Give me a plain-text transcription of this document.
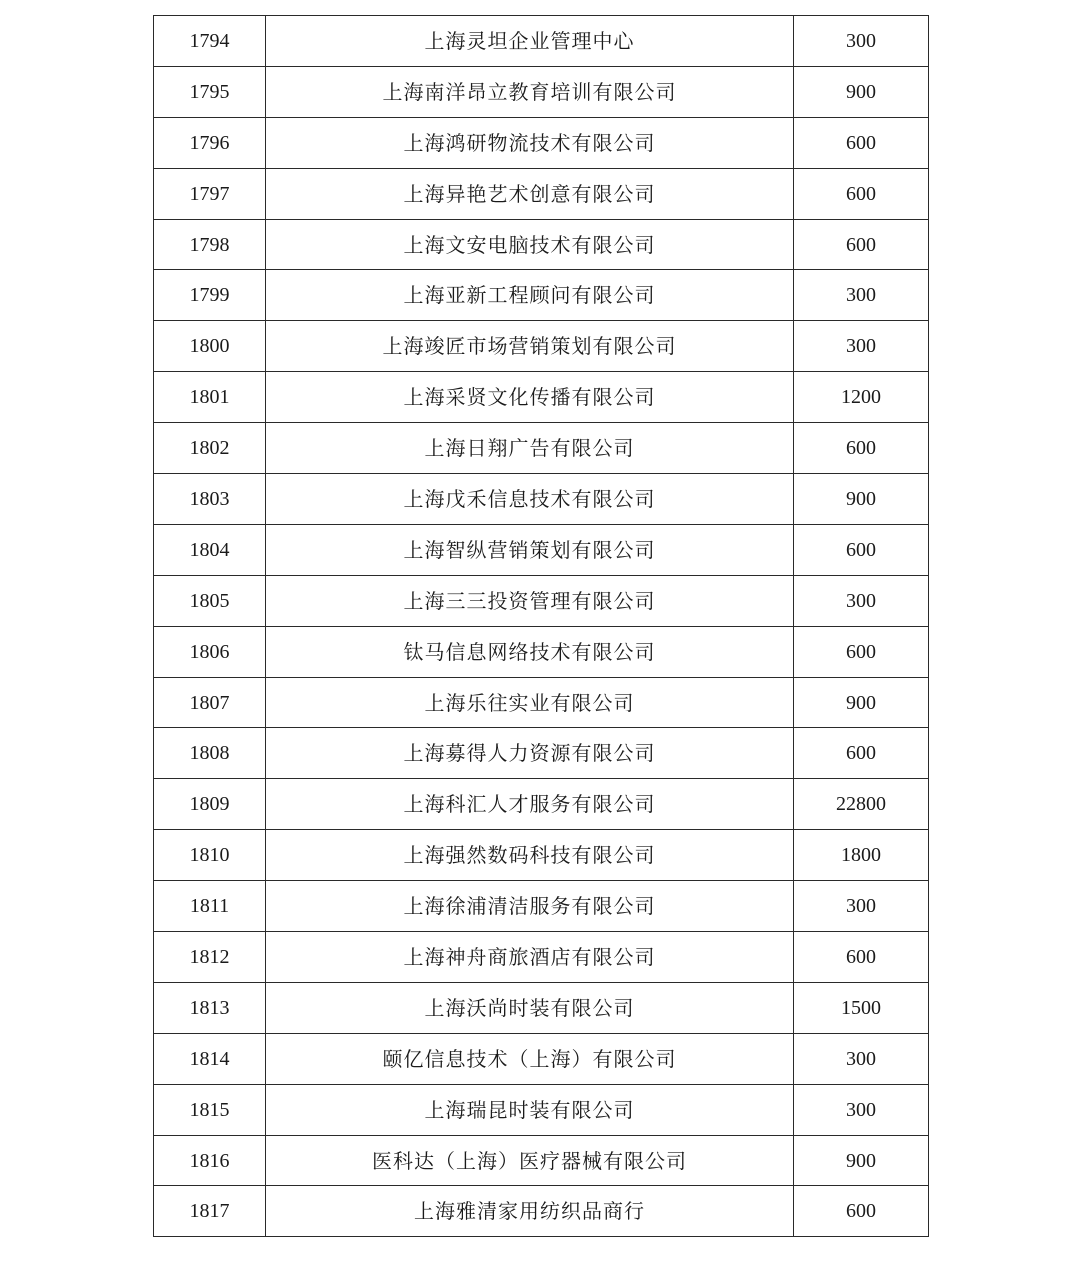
1794	上海灵坦企业管理中心	300
1795	上海南洋昂立教育培训有限公司	900
1796	上海鸿研物流技术有限公司	600
1797	上海异艳艺术创意有限公司	600
1798	上海文安电脑技术有限公司	600
1799	上海亚新工程顾问有限公司	300
1800	上海竣匠市场营销策划有限公司	300
1801	上海采贤文化传播有限公司	1200
1802	上海日翔广告有限公司	600
1803	上海戊禾信息技术有限公司	900
1804	上海智纵营销策划有限公司	600
1805	上海三三投资管理有限公司	300
1806	钛马信息网络技术有限公司	600
1807	上海乐往实业有限公司	900
1808	上海募得人力资源有限公司	600
1809	上海科汇人才服务有限公司	22800
1810	上海强然数码科技有限公司	1800
1811	上海徐浦清洁服务有限公司	300
1812	上海神舟商旅酒店有限公司	600
1813	上海沃尚时装有限公司	1500
1814	颐亿信息技术（上海）有限公司	300
1815	上海瑞昆时装有限公司	300
1816	医科达（上海）医疗器械有限公司	900
1817	上海雅清家用纺织品商行	600
